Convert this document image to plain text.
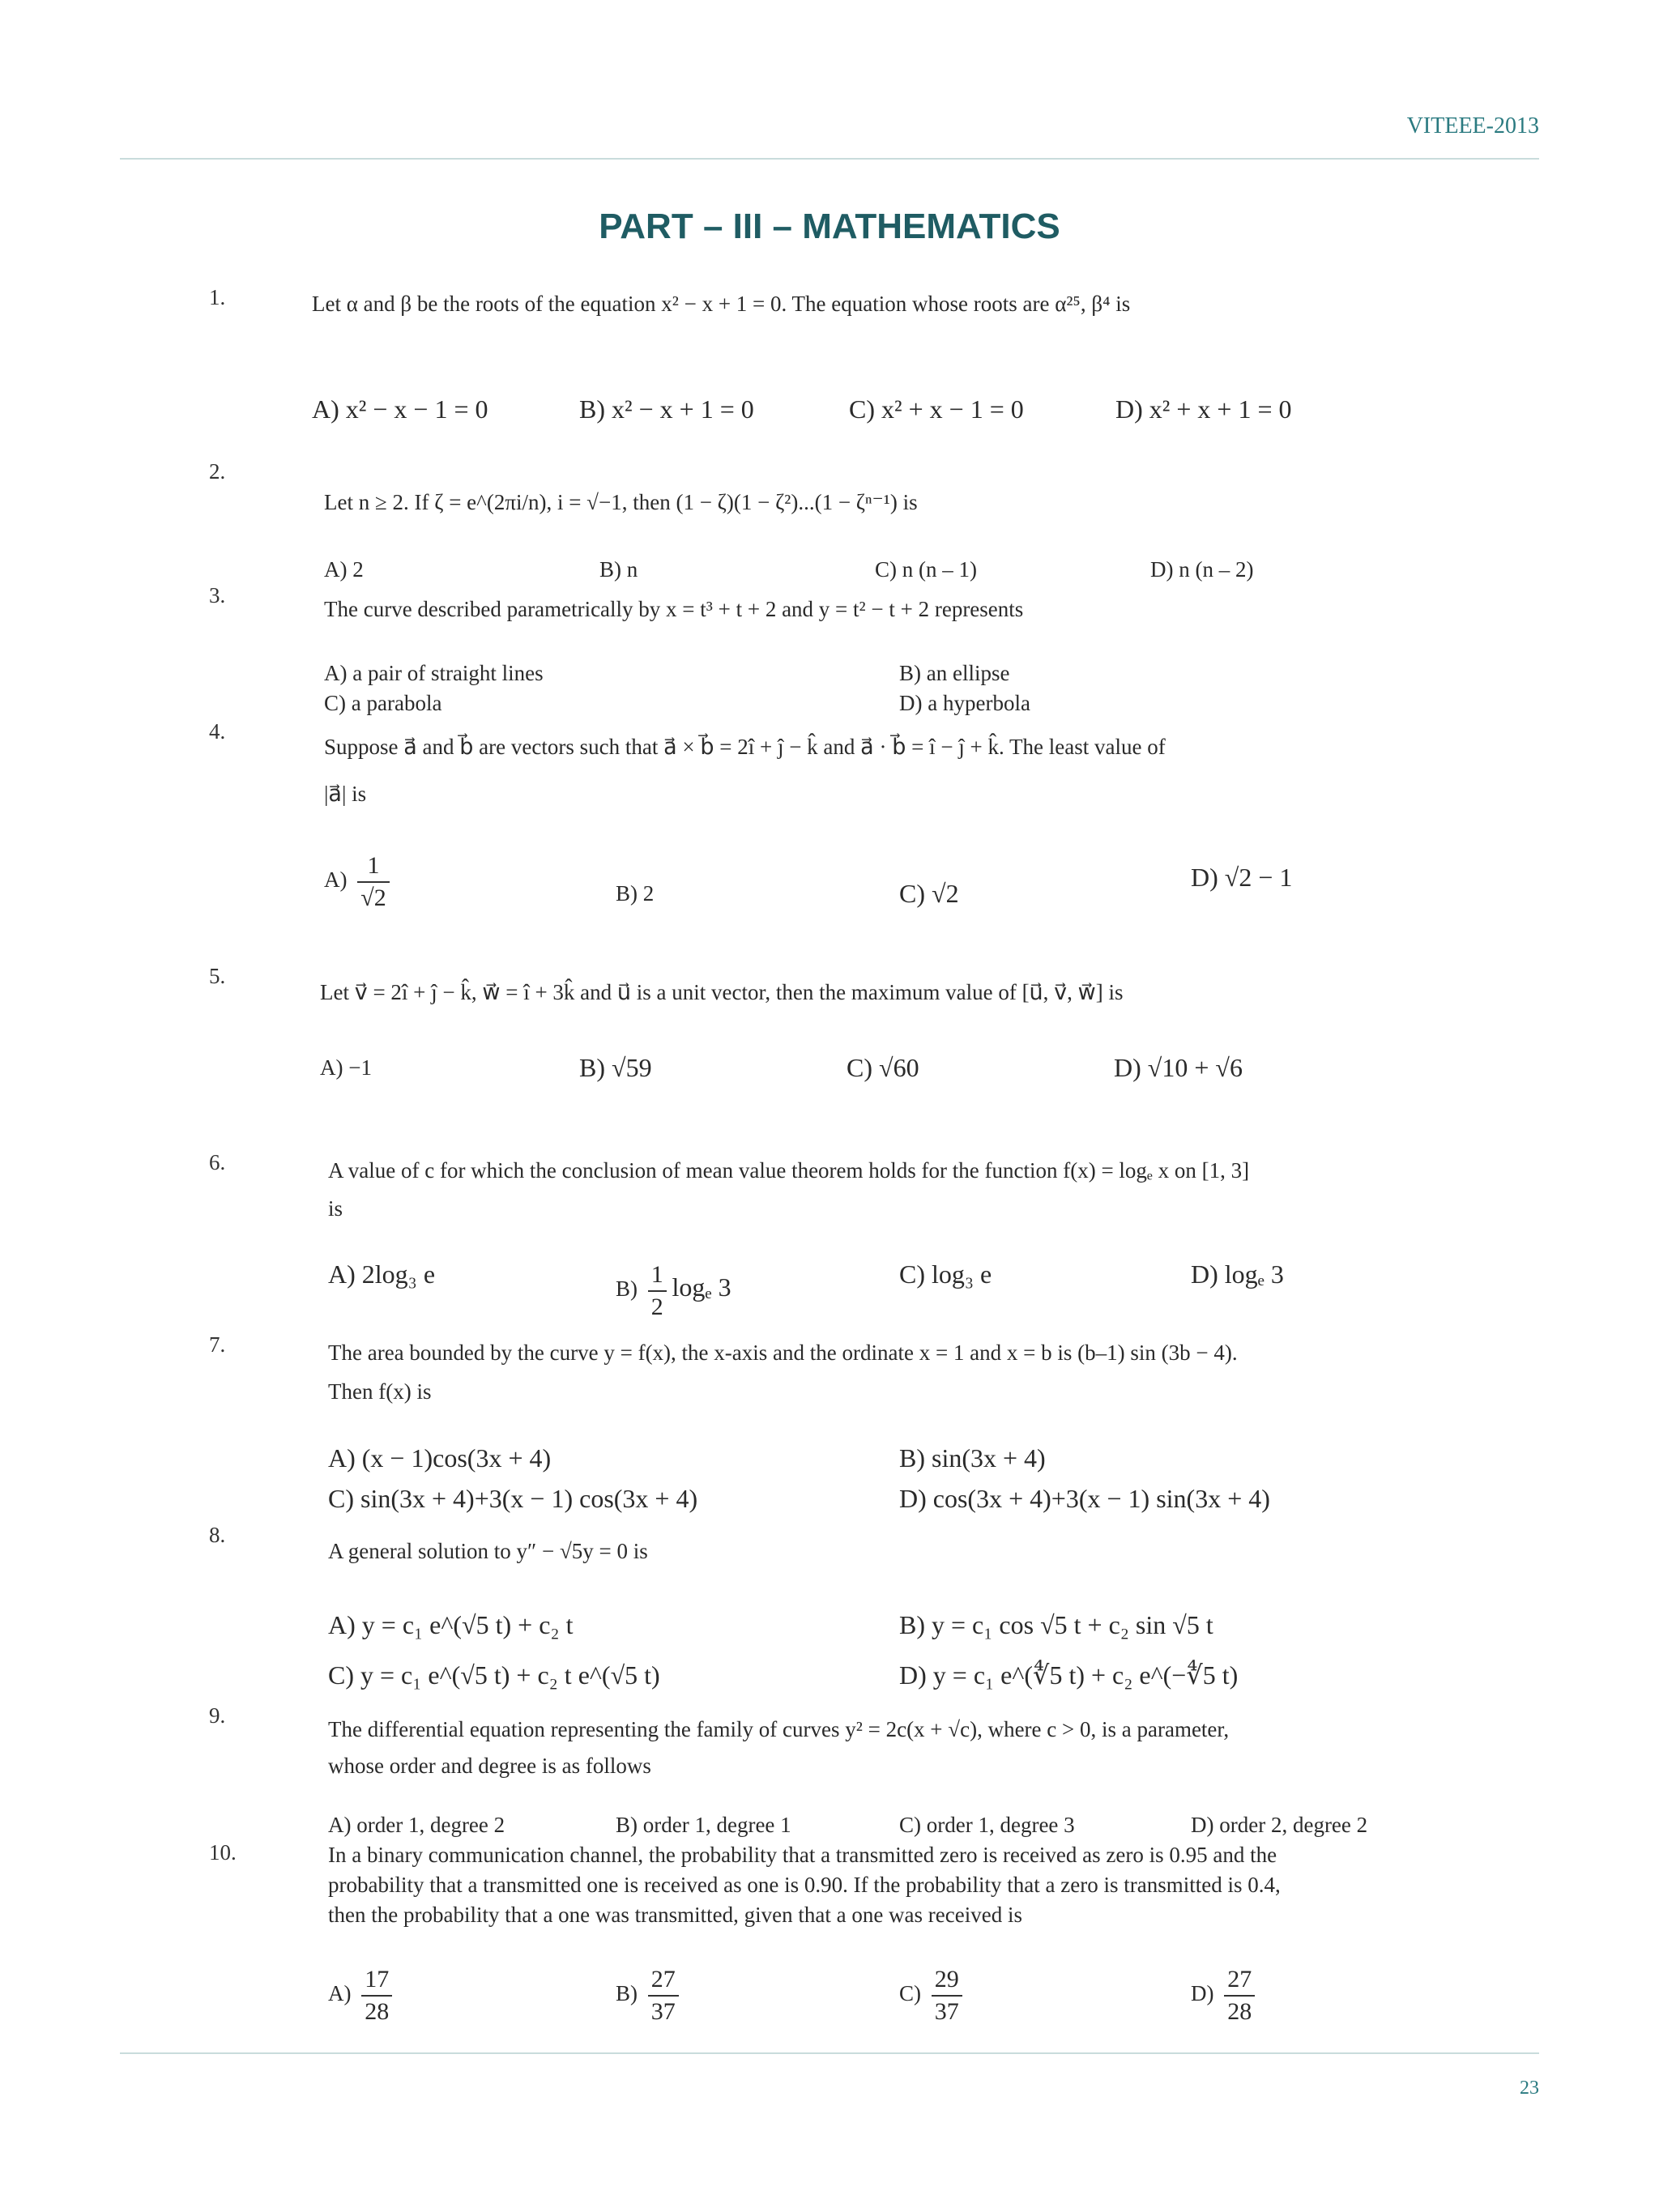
VITEEE-2013
PART – III – MATHEMATICS
1.	Let α and β be the roots of the equation x² − x + 1 = 0. The equation whose roots are α²⁵, β⁴ is
A) x² − x − 1 = 0	B) x² − x + 1 = 0	C) x² + x − 1 = 0	D) x² + x + 1 = 0
2.
Let n ≥ 2. If ζ = e^(2πi/n), i = √−1, then (1 − ζ)(1 − ζ²)...(1 − ζⁿ⁻¹) is
A) 2	B) n	C) n (n – 1)	D) n (n – 2)
3.
The curve described parametrically by x = t³ + t + 2 and y = t² − t + 2 represents
A) a pair of straight lines	B) an ellipse
C) a parabola	D) a hyperbola
4.
Suppose a⃗ and b⃗ are vectors such that a⃗ × b⃗ = 2î + ĵ − k̂ and a⃗ · b⃗ = î − ĵ + k̂. The least value of
|a⃗| is
$A) \frac{1}{√2}$	B) 2	C) √2
D) √2 − 1
5.
Let v⃗ = 2î + ĵ − k̂, w⃗ = î + 3k̂ and u⃗ is a unit vector, then the maximum value of [u⃗, v⃗, w⃗] is
A) −1	B) √59	C) √60	D) √10 + √6
6.	A value of c for which the conclusion of mean value theorem holds for the function f(x) = logₑ x on [1, 3]
is
A) 2log₃ e
$B) \frac{1}{2}$ logₑ 3	C) log₃ e	D) logₑ 3
7.	The area bounded by the curve y = f(x), the x-axis and the ordinate x = 1 and x = b is (b–1) sin (3b − 4).
Then f(x) is
A) (x − 1)cos(3x + 4)	B) sin(3x + 4)
C) sin(3x + 4)+3(x − 1) cos(3x + 4)	D) cos(3x + 4)+3(x − 1) sin(3x + 4)
8.
A general solution to y″ − √5y = 0 is
A) y = c₁ e^(√5 t) + c₂ t	B) y = c₁ cos √5 t + c₂ sin √5 t
C) y = c₁ e^(√5 t) + c₂ t e^(√5 t)	D) y = c₁ e^(∜5 t) + c₂ e^(−∜5 t)
9.
The differential equation representing the family of curves y² = 2c(x + √c), where c > 0, is a parameter,
whose order and degree is as follows
A) order 1, degree 2	B) order 1, degree 1	C) order 1, degree 3	D) order 2, degree 2
10.	In a binary communication channel, the probability that a transmitted zero is received as zero is 0.95 and the
probability that a transmitted one is received as one is 0.90. If the probability that a zero is transmitted is 0.4,
then the probability that a one was transmitted, given that a one was received is
$A) \frac{17}{28}$	$B) \frac{27}{37}$	$C) \frac{29}{37}$	$D) \frac{27}{28}$
23
